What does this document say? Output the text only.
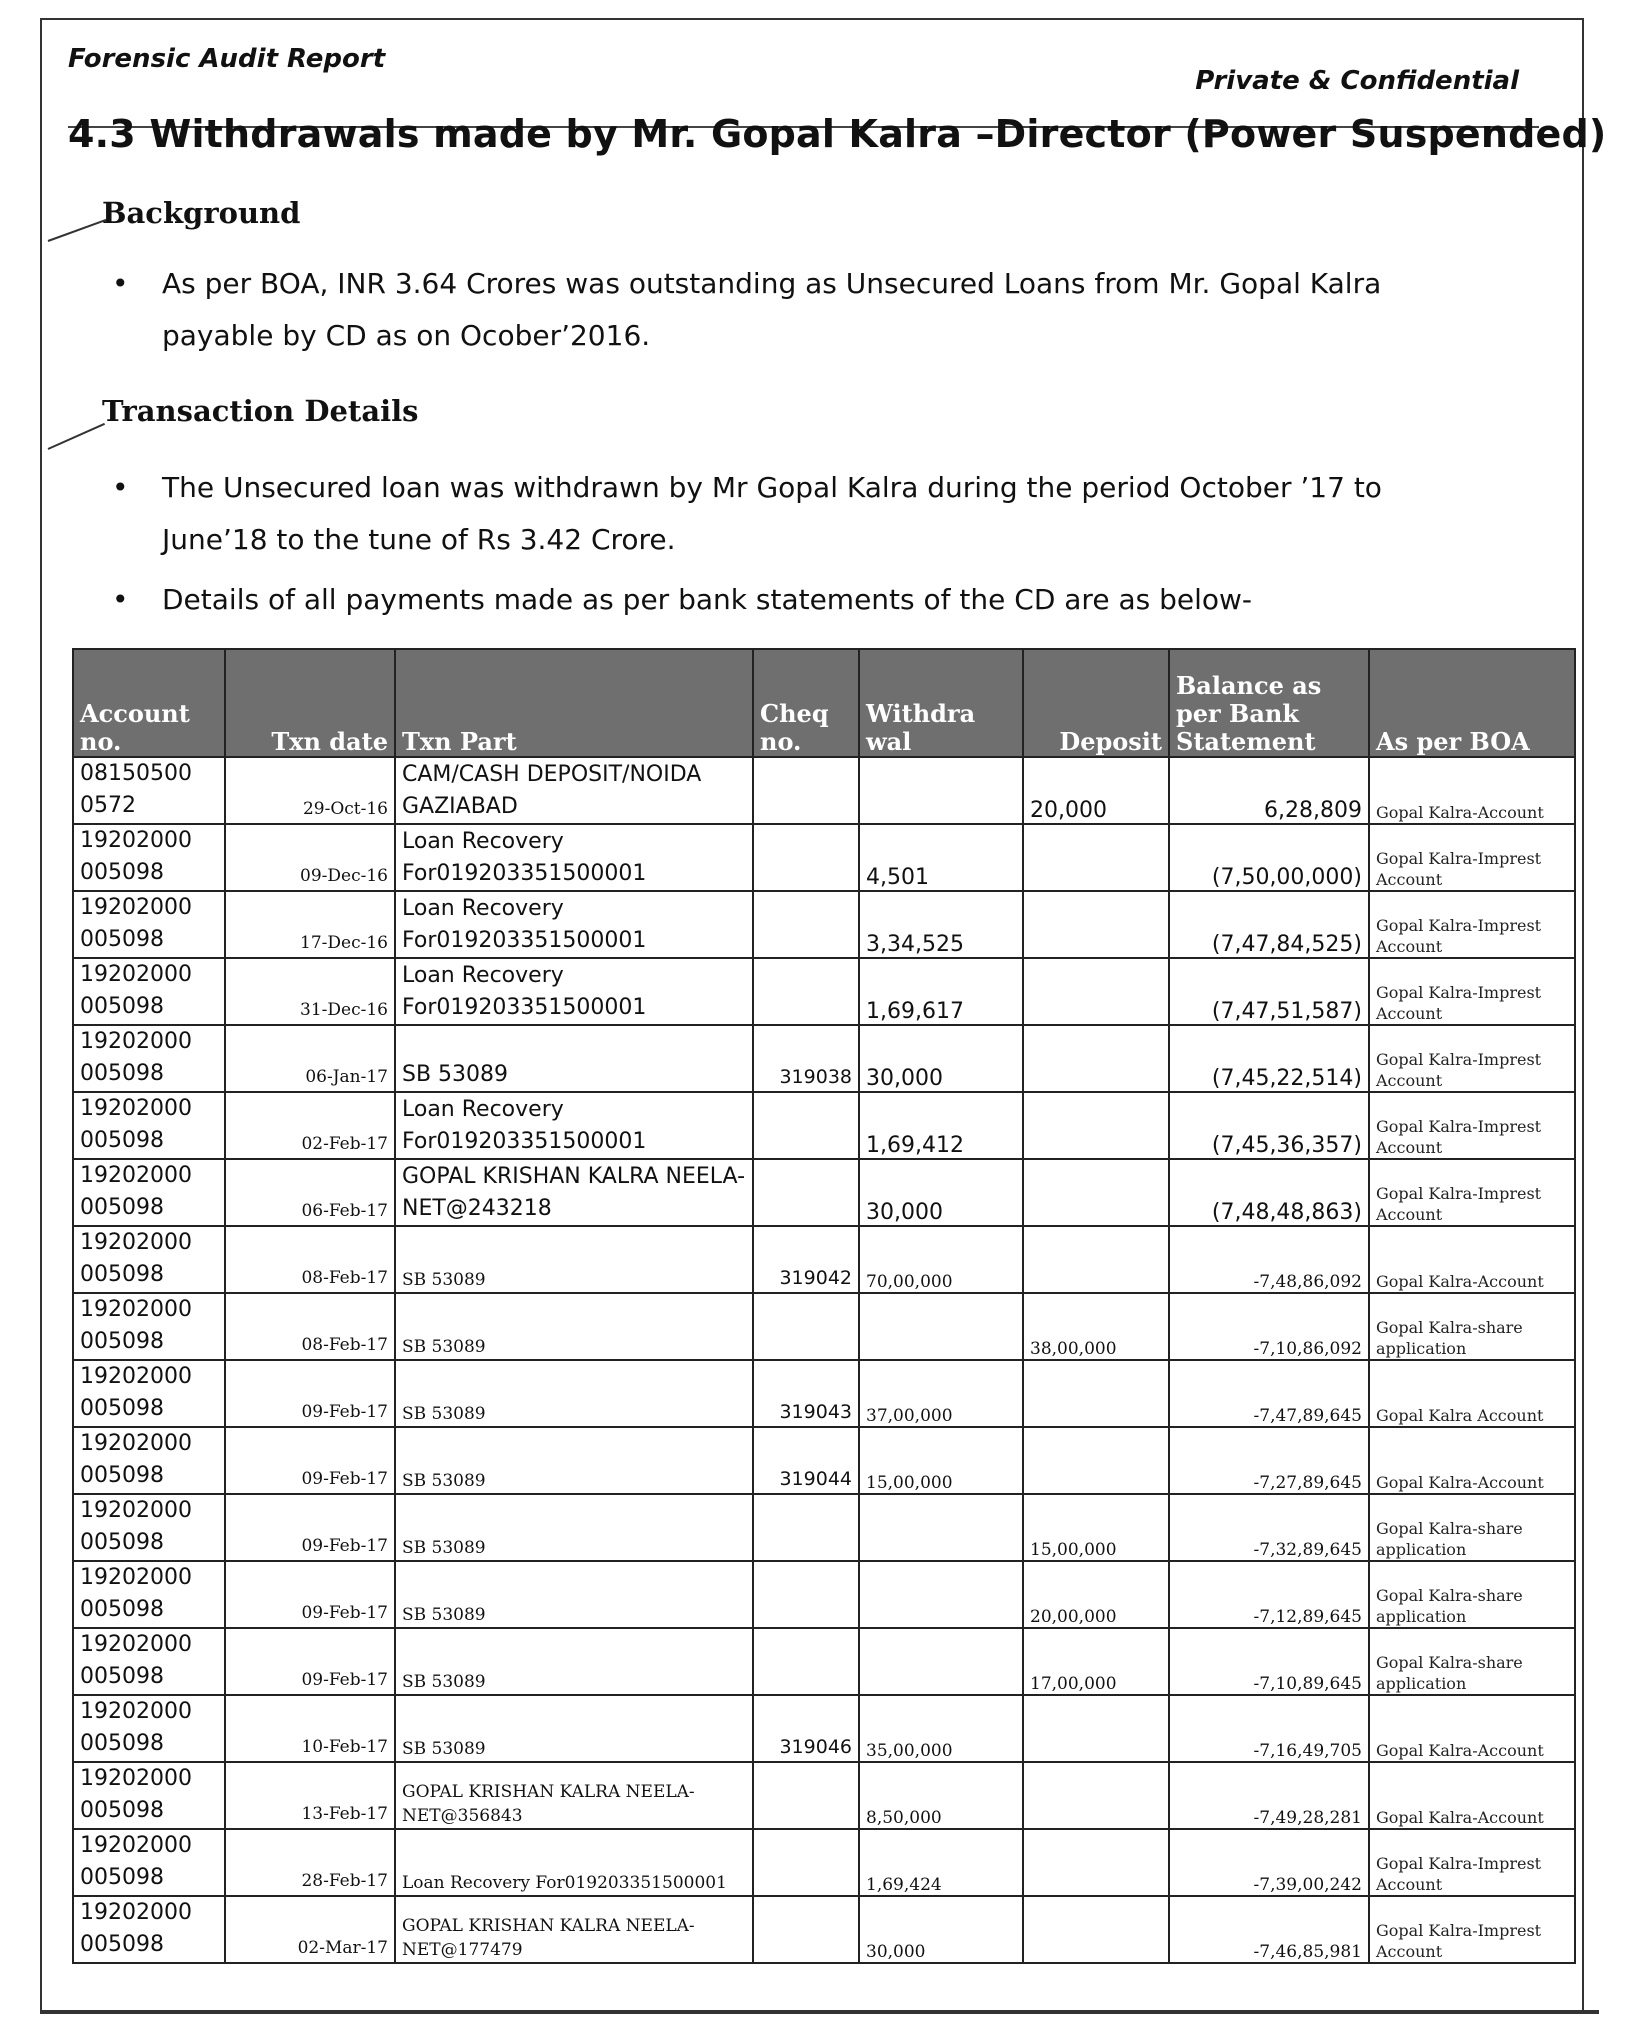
Forensic Audit Report
Private & Confidential
4.3 Withdrawals made by Mr. Gopal Kalra –Director (Power Suspended)
Background
• As per BOA, INR 3.64 Crores was outstanding as Unsecured Loans from Mr. Gopal Kalra payable by CD as on Ocober’2016.
Transaction Details
• The Unsecured loan was withdrawn by Mr Gopal Kalra during the period October ’17 to June’18 to the tune of Rs 3.42 Crore.
• Details of all payments made as per bank statements of the CD are as below-
Account no.	Txn date	Txn Part	Cheq no.	Withdra wal	Deposit	Balance as per Bank Statement	As per BOA
08150500
0572	29-Oct-16	CAM/CASH DEPOSIT/NOIDA GAZIABAD			20,000	6,28,809	Gopal Kalra-Account
19202000
005098	09-Dec-16	Loan Recovery For019203351500001		4,501		(7,50,00,000)	Gopal Kalra-Imprest Account
19202000
005098	17-Dec-16	Loan Recovery For019203351500001		3,34,525		(7,47,84,525)	Gopal Kalra-Imprest Account
19202000
005098	31-Dec-16	Loan Recovery For019203351500001		1,69,617		(7,47,51,587)	Gopal Kalra-Imprest Account
19202000
005098	06-Jan-17	SB 53089	319038	30,000		(7,45,22,514)	Gopal Kalra-Imprest Account
19202000
005098	02-Feb-17	Loan Recovery For019203351500001		1,69,412		(7,45,36,357)	Gopal Kalra-Imprest Account
19202000
005098	06-Feb-17	GOPAL KRISHAN KALRA NEELA-NET@243218		30,000		(7,48,48,863)	Gopal Kalra-Imprest Account
19202000
005098	08-Feb-17	SB 53089	319042	70,00,000		-7,48,86,092	Gopal Kalra-Account
19202000
005098	08-Feb-17	SB 53089			38,00,000	-7,10,86,092	Gopal Kalra-share application
19202000
005098	09-Feb-17	SB 53089	319043	37,00,000		-7,47,89,645	Gopal Kalra Account
19202000
005098	09-Feb-17	SB 53089	319044	15,00,000		-7,27,89,645	Gopal Kalra-Account
19202000
005098	09-Feb-17	SB 53089			15,00,000	-7,32,89,645	Gopal Kalra-share application
19202000
005098	09-Feb-17	SB 53089			20,00,000	-7,12,89,645	Gopal Kalra-share application
19202000
005098	09-Feb-17	SB 53089			17,00,000	-7,10,89,645	Gopal Kalra-share application
19202000
005098	10-Feb-17	SB 53089	319046	35,00,000		-7,16,49,705	Gopal Kalra-Account
19202000
005098	13-Feb-17	GOPAL KRISHAN KALRA NEELA-NET@356843		8,50,000		-7,49,28,281	Gopal Kalra-Account
19202000
005098	28-Feb-17	Loan Recovery For019203351500001		1,69,424		-7,39,00,242	Gopal Kalra-Imprest Account
19202000
005098	02-Mar-17	GOPAL KRISHAN KALRA NEELA-NET@177479		30,000		-7,46,85,981	Gopal Kalra-Imprest Account
